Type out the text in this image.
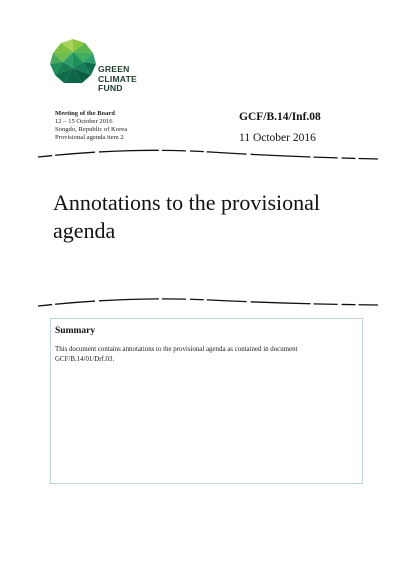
GREEN
CLIMATE
FUND
Meeting of the Board
12 – 15 October 2016
Songdo, Republic of Korea
Provisional agenda item 2
GCF/B.14/Inf.08
11 October 2016
Annotations to the provisional agenda
Summary
This document contains annotations to the provisional agenda as contained in document GCF/B.14/01/Drf.03.
